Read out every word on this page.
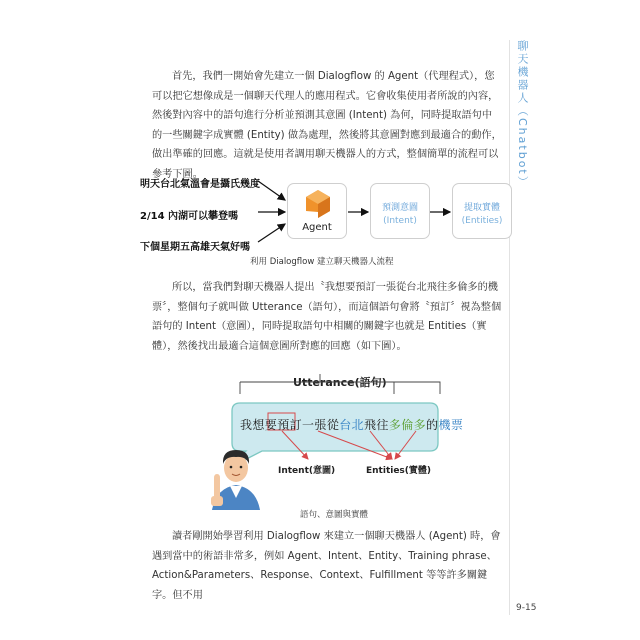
聊天機器人（Chatbot）

首先，我們一開始會先建立一個 Dialogflow 的 Agent（代理程式），您可以把它想像成是一個聊天代理人的應用程式。它會收集使用者所說的內容，然後對內容中的語句進行分析並預測其意圖 (Intent) 為何，同時提取語句中的一些關鍵字成實體 (Entity) 做為處理，然後將其意圖對應到最適合的動作，做出準確的回應。這就是使用者調用聊天機器人的方式，整個簡單的流程可以參考下圖。

明天台北氣溫會是攝氏幾度
2/14 內湖可以攀登嗎
下個星期五高雄天氣好嗎
Agent
預測意圖
(Intent)
提取實體
(Entities)
利用 Dialogflow 建立聊天機器人流程

所以，當我們對聊天機器人提出〝我想要預訂一張從台北飛往多倫多的機票〞，整個句子就叫做 Utterance（語句），而這個語句會將〝預訂〞視為整個語句的 Intent（意圖），同時提取語句中相關的關鍵字也就是 Entities（實體），然後找出最適合這個意圖所對應的回應（如下圖）。

Utterance(語句)
我想要預訂一張從台北飛往多倫多的機票
Intent(意圖)	Entities(實體)
語句、意圖與實體

讀者剛開始學習利用 Dialogflow 來建立一個聊天機器人 (Agent) 時，會遇到當中的術語非常多，例如 Agent、Intent、Entity、Training phrase、Action&Parameters、Response、Context、Fulfillment 等等許多關鍵字。但不用

9-15
